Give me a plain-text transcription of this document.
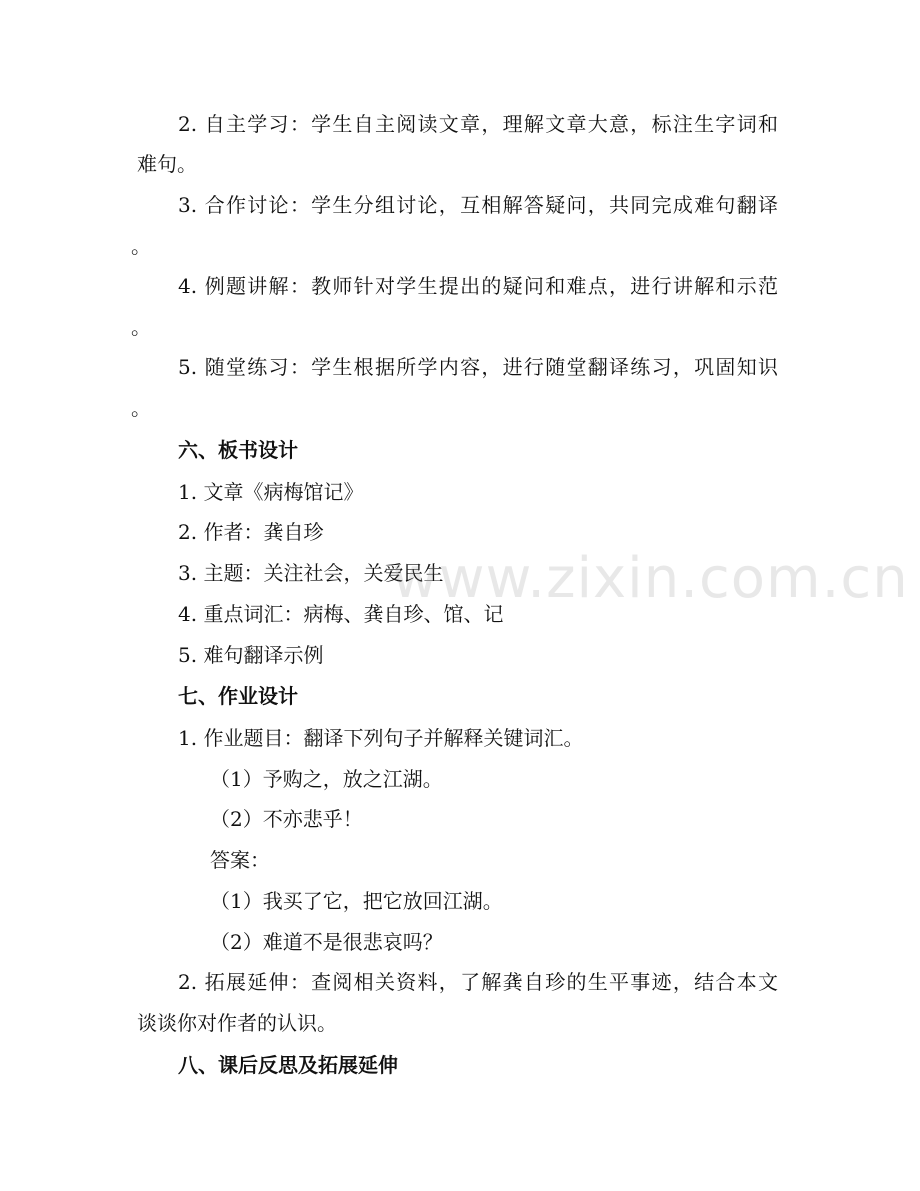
2. 自主学习：学生自主阅读文章，理解文章大意，标注生字词和
难句。
3. 合作讨论：学生分组讨论，互相解答疑问，共同完成难句翻译
。
4. 例题讲解：教师针对学生提出的疑问和难点，进行讲解和示范
。
5. 随堂练习：学生根据所学内容，进行随堂翻译练习，巩固知识
。
六、板书设计
1. 文章《病梅馆记》
2. 作者：龚自珍
3. 主题：关注社会，关爱民生
4. 重点词汇：病梅、龚自珍、馆、记
5. 难句翻译示例
七、作业设计
1. 作业题目：翻译下列句子并解释关键词汇。
（1）予购之，放之江湖。
（2）不亦悲乎！
答案：
（1）我买了它，把它放回江湖。
（2）难道不是很悲哀吗？
2. 拓展延伸：查阅相关资料，了解龚自珍的生平事迹，结合本文
谈谈你对作者的认识。
八、课后反思及拓展延伸
www.zixin.com.cn
